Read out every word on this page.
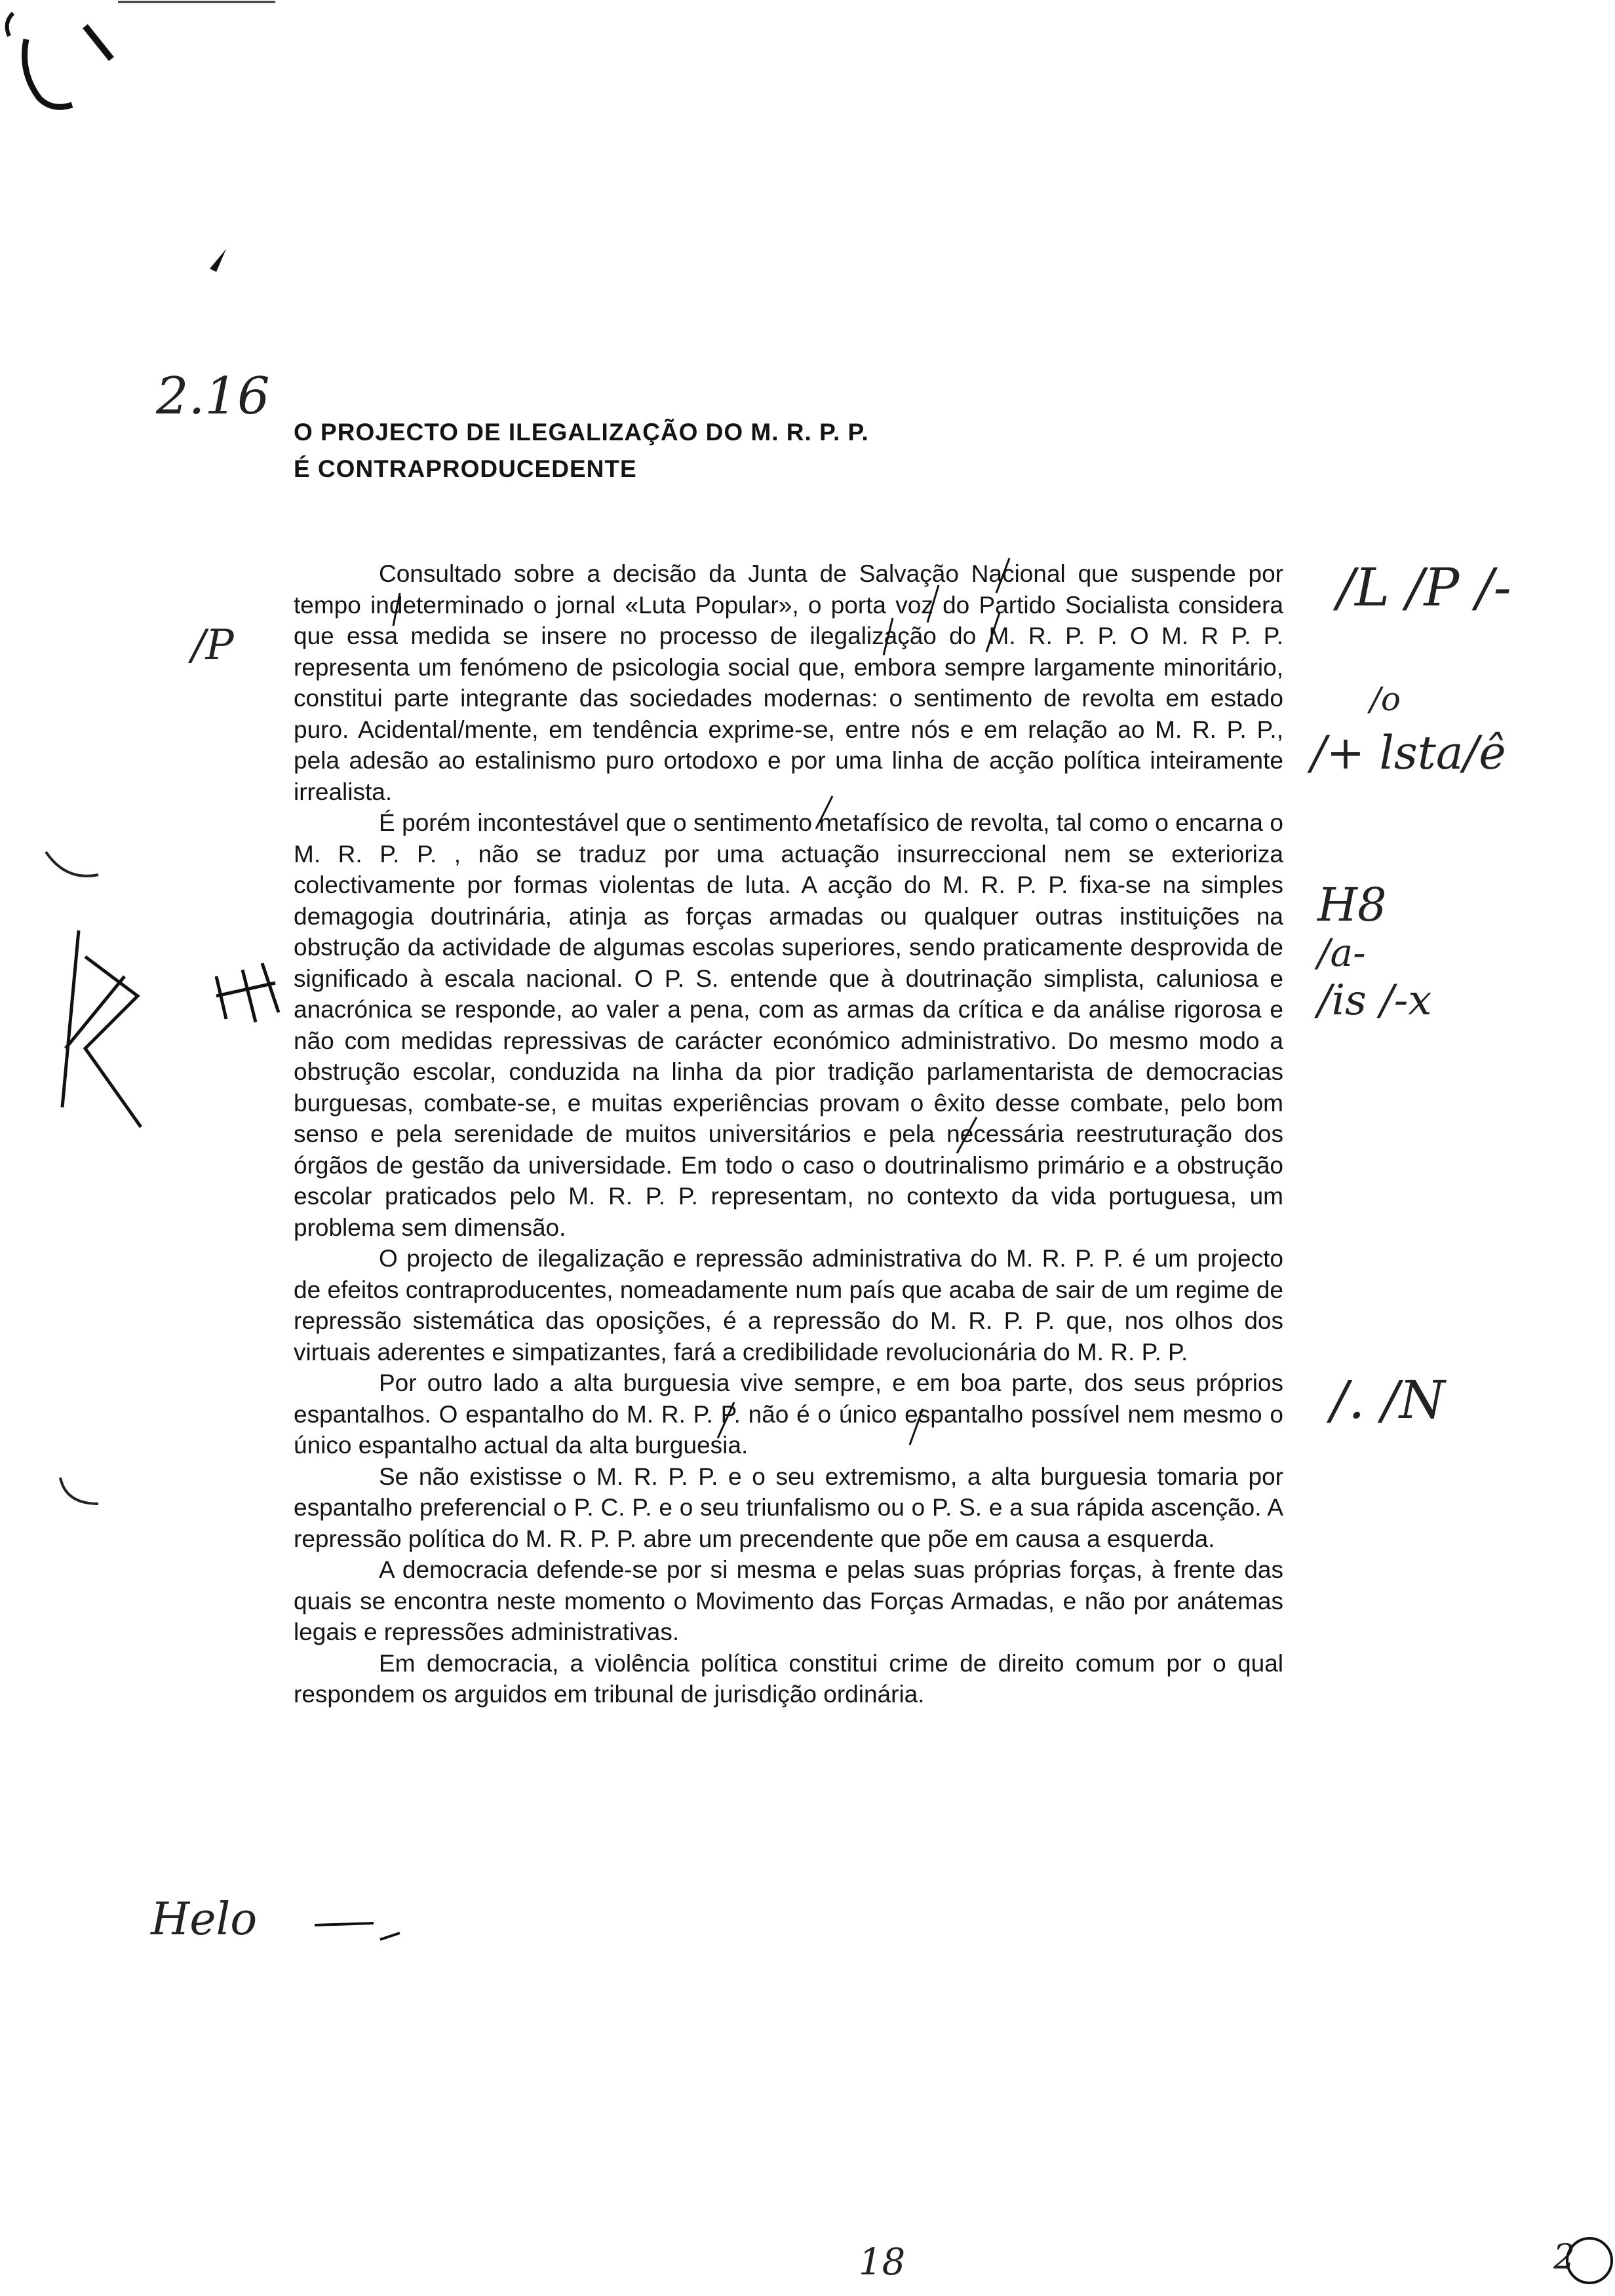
O PROJECTO DE ILEGALIZAÇÃO DO M. R. P. P.
É CONTRAPRODUCEDENTE

Consultado sobre a decisão da Junta de Salvação Nacional que suspende por tempo indeterminado o jornal «Luta Popular», o porta voz do Partido Socialista considera que essa medida se insere no processo de ilegalização do M. R. P. P. O M. R P. P. representa um fenómeno de psicologia social que, embora sempre largamente minoritário, constitui parte integrante das sociedades modernas: o sentimento de revolta em estado puro. Acidental/mente, em tendência exprime-se, entre nós e em relação ao M. R. P. P., pela adesão ao estalinismo puro ortodoxo e por uma linha de acção política inteiramente irrealista.

É porém incontestável que o sentimento metafísico de revolta, tal como o encarna o M. R. P. P. , não se traduz por uma actuação insurreccional nem se exterioriza colectivamente por formas violentas de luta. A acção do M. R. P. P. fixa-se na simples demagogia doutrinária, atinja as forças armadas ou qualquer outras instituições na obstrução da actividade de algumas escolas superiores, sendo praticamente desprovida de significado à escala nacional. O P. S. entende que à doutrinação simplista, caluniosa e anacrónica se responde, ao valer a pena, com as armas da crítica e da análise rigorosa e não com medidas repressivas de carácter económico administrativo. Do mesmo modo a obstrução escolar, conduzida na linha da pior tradição parlamentarista de democracias burguesas, combate-se, e muitas experiências provam o êxito desse combate, pelo bom senso e pela serenidade de muitos universitários e pela necessária reestruturação dos órgãos de gestão da universidade. Em todo o caso o doutrinalismo primário e a obstrução escolar praticados pelo M. R. P. P. representam, no contexto da vida portuguesa, um problema sem dimensão.

O projecto de ilegalização e repressão administrativa do M. R. P. P. é um projecto de efeitos contraproducentes, nomeadamente num país que acaba de sair de um regime de repressão sistemática das oposições, é a repressão do M. R. P. P. que, nos olhos dos virtuais aderentes e simpatizantes, fará a credibilidade revolucionária do M. R. P. P.

Por outro lado a alta burguesia vive sempre, e em boa parte, dos seus próprios espantalhos. O espantalho do M. R. P. P. não é o único espantalho possível nem mesmo o único espantalho actual da alta burguesia.

Se não existisse o M. R. P. P. e o seu extremismo, a alta burguesia tomaria por espantalho preferencial o P. C. P. e o seu triunfalismo ou o P. S. e a sua rápida ascenção. A repressão política do M. R. P. P. abre um precendente que põe em causa a esquerda.

A democracia defende-se por si mesma e pelas suas próprias forças, à frente das quais se encontra neste momento o Movimento das Forças Armadas, e não por anátemas legais e repressões administrativas.

Em democracia, a violência política constitui crime de direito comum por o qual respondem os arguidos em tribunal de jurisdição ordinária.

2.16
/P
Helo
/L /P /-
/o
/+ lsta/ê
H8
/a-
/is /-x
/. /N
18	2
